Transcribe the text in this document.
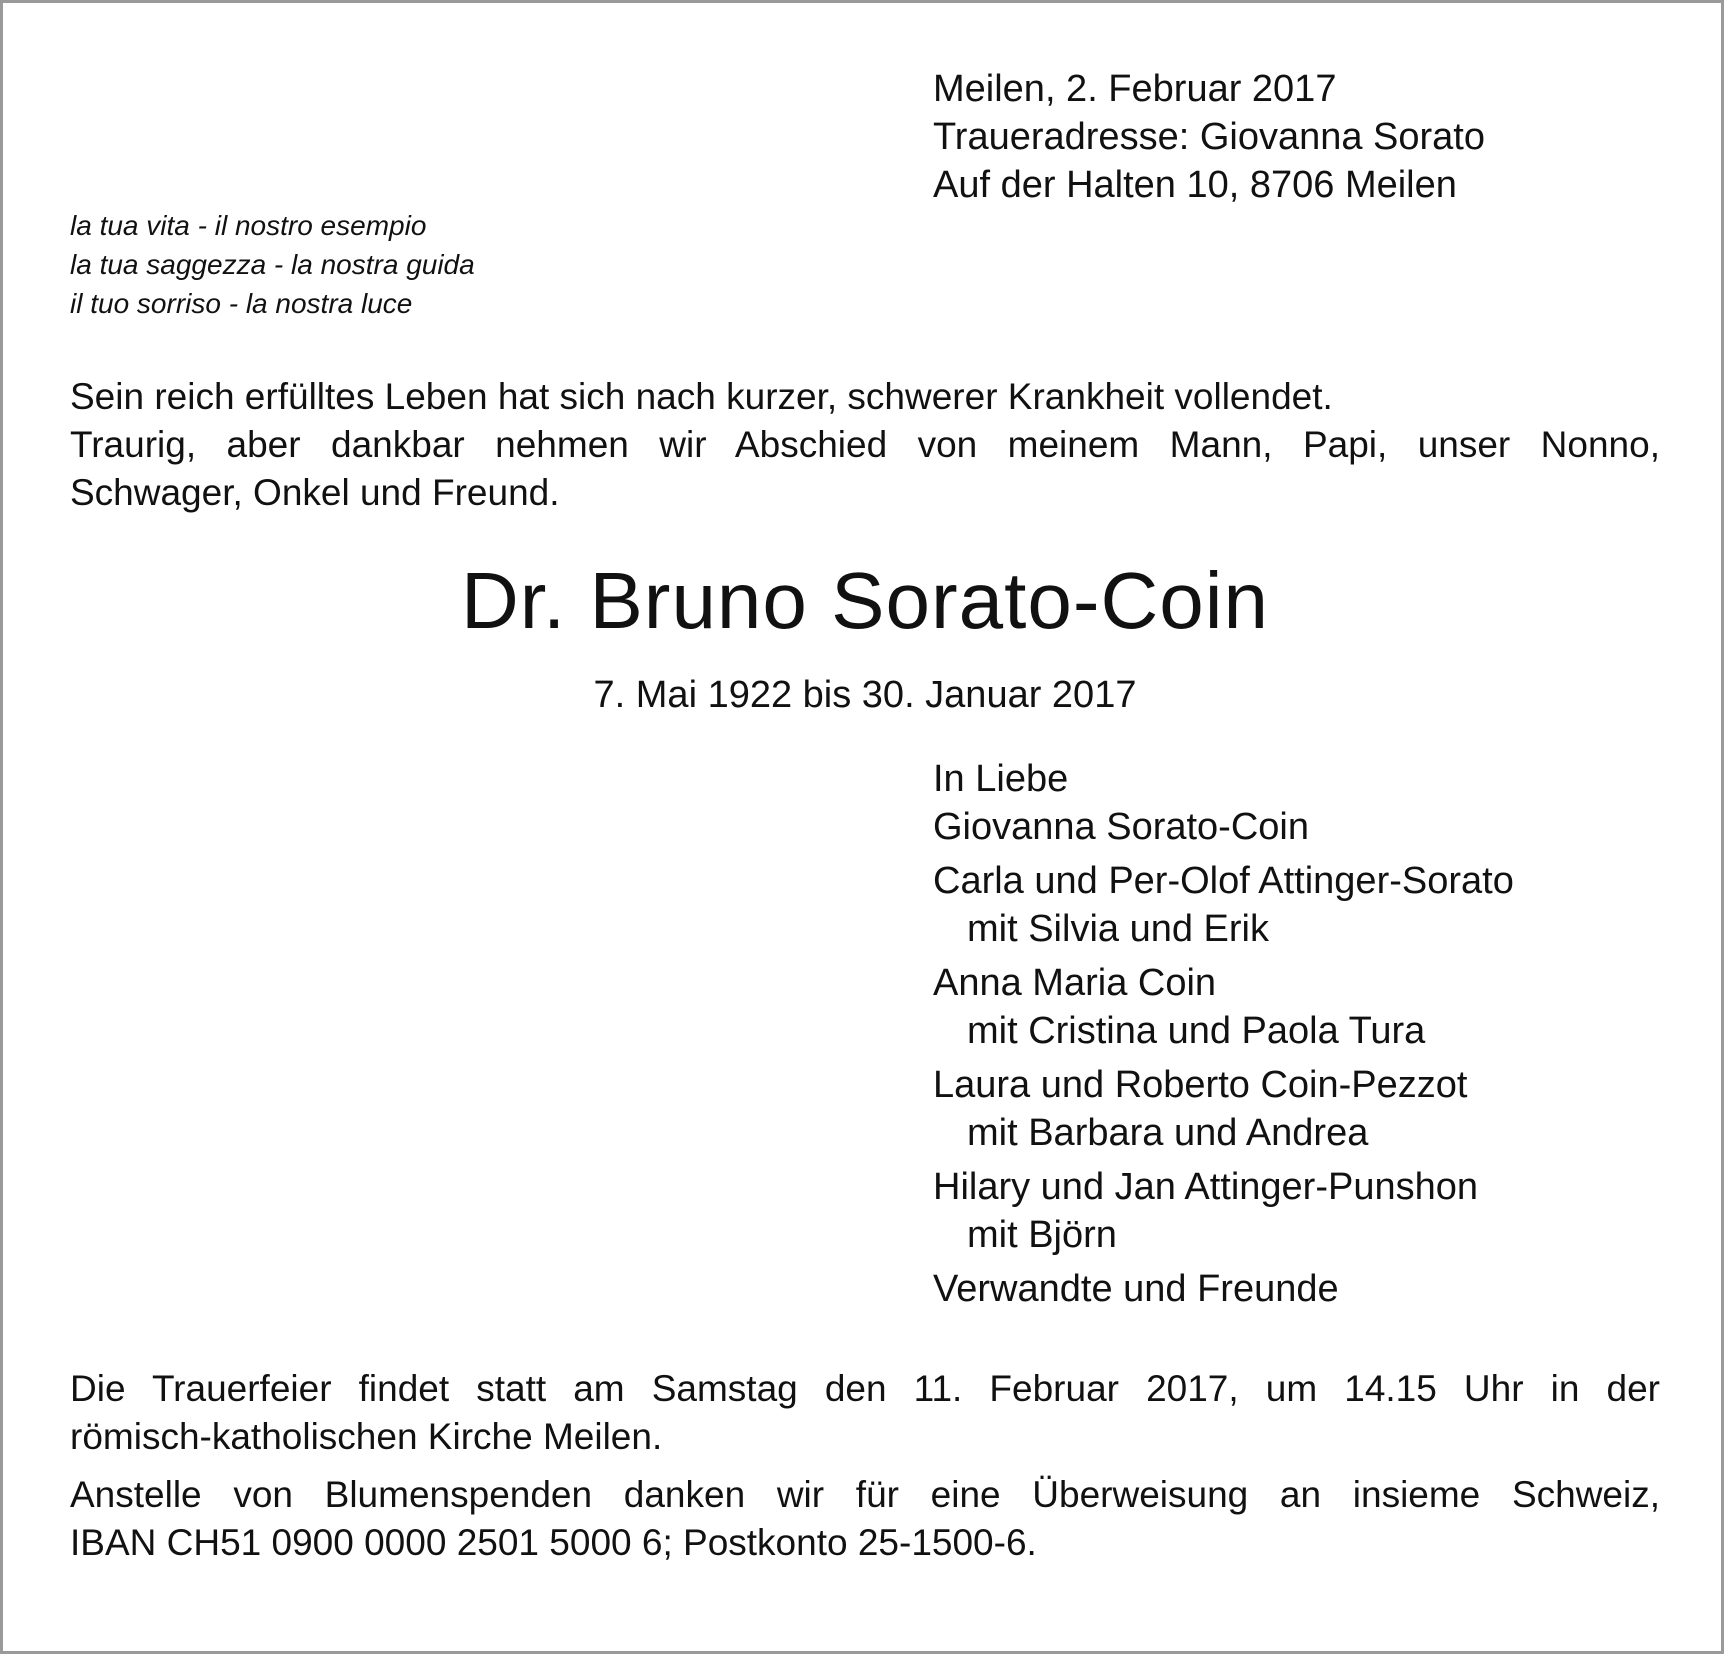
Meilen, 2. Februar 2017
Traueradresse: Giovanna Sorato
Auf der Halten 10, 8706 Meilen
la tua vita - il nostro esempio
la tua saggezza - la nostra guida
il tuo sorriso - la nostra luce
Sein reich erfülltes Leben hat sich nach kurzer, schwerer Krankheit vollendet.
Traurig, aber dankbar nehmen wir Abschied von meinem Mann, Papi, unser Nonno,
Schwager, Onkel und Freund.
Dr. Bruno Sorato-Coin
7. Mai 1922 bis 30. Januar 2017
In Liebe
Giovanna Sorato-Coin
Carla und Per-Olof Attinger-Sorato
mit Silvia und Erik
Anna Maria Coin
mit Cristina und Paola Tura
Laura und Roberto Coin-Pezzot
mit Barbara und Andrea
Hilary und Jan Attinger-Punshon
mit Björn
Verwandte und Freunde
Die Trauerfeier findet statt am Samstag den 11. Februar 2017, um 14.15 Uhr in der
römisch-katholischen Kirche Meilen.
Anstelle von Blumenspenden danken wir für eine Überweisung an insieme Schweiz,
IBAN CH51 0900 0000 2501 5000 6; Postkonto 25-1500-6.
